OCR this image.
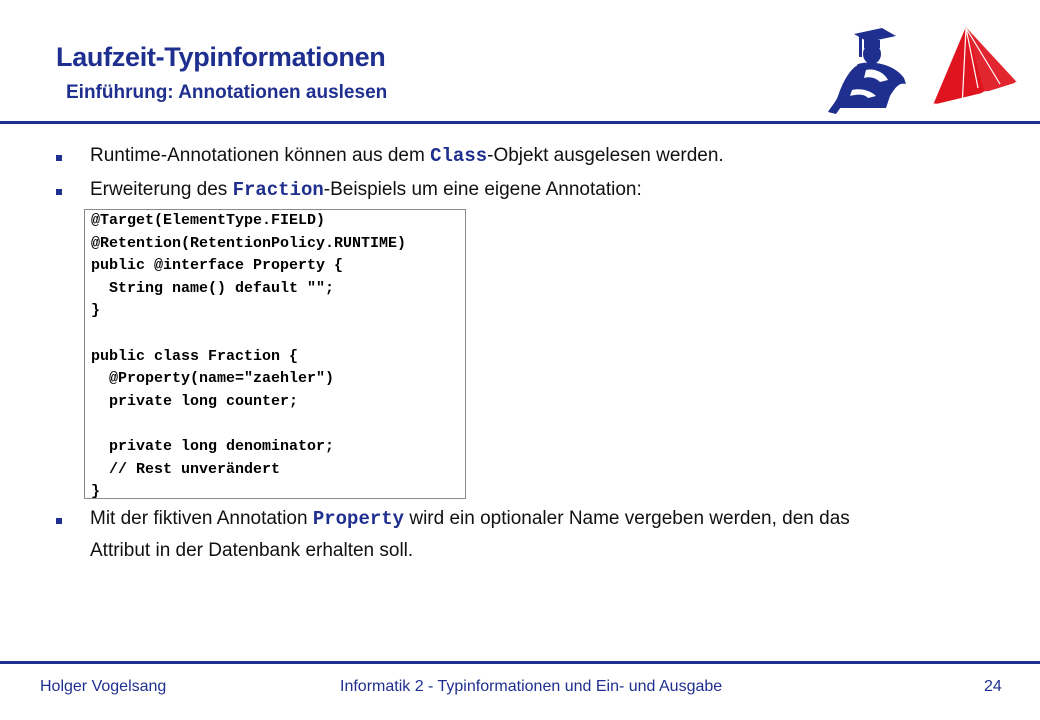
Laufzeit-Typinformationen
Einführung: Annotationen auslesen
Runtime-Annotationen können aus dem Class-Objekt ausgelesen werden.
Erweiterung des Fraction-Beispiels um eine eigene Annotation:
@Target(ElementType.FIELD)
@Retention(RetentionPolicy.RUNTIME)
public @interface Property {
String name() default "";
}

public class Fraction {
@Property(name="zaehler")
private long counter;

private long denominator;
// Rest unverändert
}
Mit der fiktiven Annotation Property wird ein optionaler Name vergeben werden, den das
Attribut in der Datenbank erhalten soll.
Holger Vogelsang	Informatik 2 - Typinformationen und Ein- und Ausgabe	24
